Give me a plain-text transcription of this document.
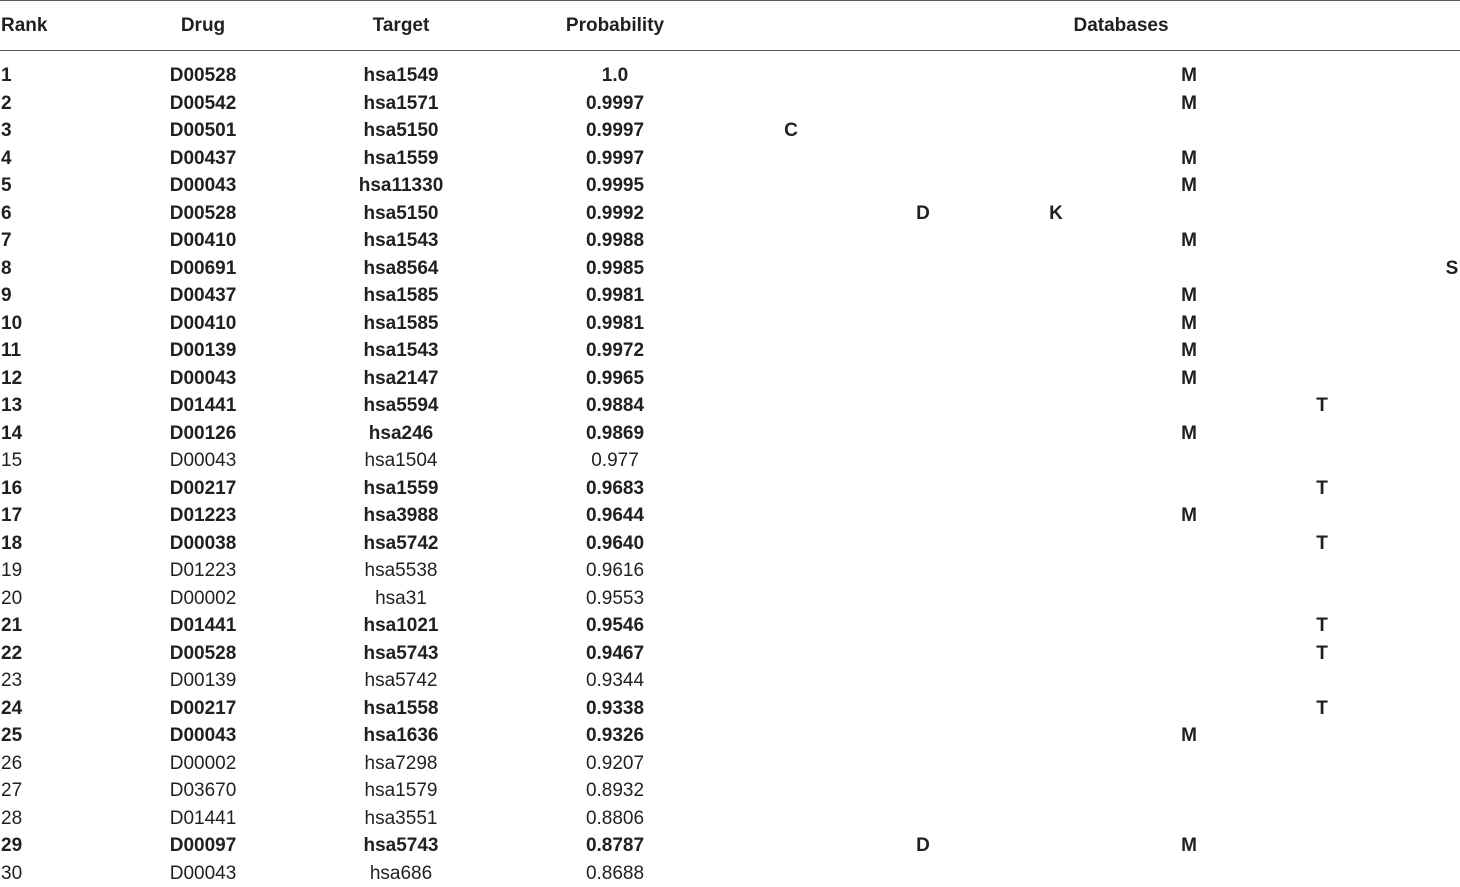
Rank	Drug	Target	Probability	Databases
1	D00528	hsa1549	1.0	M
2	D00542	hsa1571	0.9997	M
3	D00501	hsa5150	0.9997	C
4	D00437	hsa1559	0.9997	M
5	D00043	hsa11330	0.9995	M
6	D00528	hsa5150	0.9992	D	K
7	D00410	hsa1543	0.9988	M
8	D00691	hsa8564	0.9985	S
9	D00437	hsa1585	0.9981	M
10	D00410	hsa1585	0.9981	M
11	D00139	hsa1543	0.9972	M
12	D00043	hsa2147	0.9965	M
13	D01441	hsa5594	0.9884	T
14	D00126	hsa246	0.9869	M
15	D00043	hsa1504	0.977
16	D00217	hsa1559	0.9683	T
17	D01223	hsa3988	0.9644	M
18	D00038	hsa5742	0.9640	T
19	D01223	hsa5538	0.9616
20	D00002	hsa31	0.9553
21	D01441	hsa1021	0.9546	T
22	D00528	hsa5743	0.9467	T
23	D00139	hsa5742	0.9344
24	D00217	hsa1558	0.9338	T
25	D00043	hsa1636	0.9326	M
26	D00002	hsa7298	0.9207
27	D03670	hsa1579	0.8932
28	D01441	hsa3551	0.8806
29	D00097	hsa5743	0.8787	D	M
30	D00043	hsa686	0.8688
